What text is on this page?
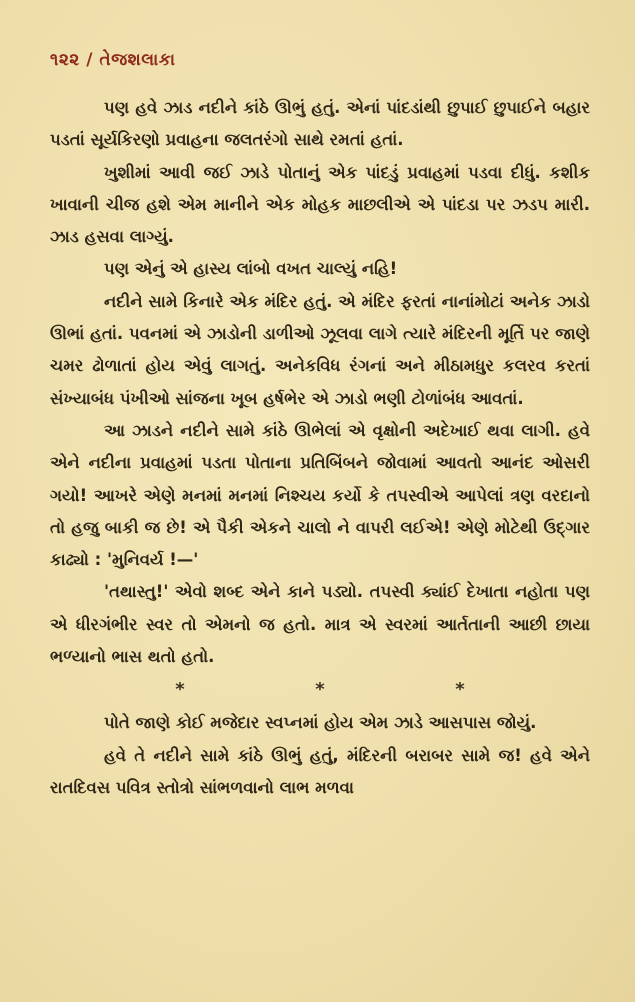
૧૨૨ / તેજશલાકા

પણ હવે ઝાડ નદીને કાંઠે ઊભું હતું. એનાં પાંદડાંથી છુપાઈ છુપાઈને બહાર પડતાં સૂર્યકિરણો પ્રવાહના જલતરંગો સાથે રમતાં હતાં.

ખુશીમાં આવી જઈ ઝાડે પોતાનું એક પાંદડું પ્રવાહમાં પડવા દીધું. કશીક ખાવાની ચીજ હશે એમ માનીને એક મોહક માછલીએ એ પાંદડા પર ઝડપ મારી. ઝાડ હસવા લાગ્યું.

પણ એનું એ હાસ્ય લાંબો વખત ચાલ્યું નહિ!

નદીને સામે કિનારે એક મંદિર હતું. એ મંદિર ફરતાં નાનાંમોટાં અનેક ઝાડો ઊભાં હતાં. પવનમાં એ ઝાડોની ડાળીઓ ઝૂલવા લાગે ત્યારે મંદિરની મૂર્તિ પર જાણે ચમર ઢોળાતાં હોય એવું લાગતું. અનેકવિધ રંગનાં અને મીઠામધુર કલરવ કરતાં સંખ્યાબંધ પંખીઓ સાંજના ખૂબ હર્ષભેર એ ઝાડો ભણી ટોળાંબંધ આવતાં.

આ ઝાડને નદીને સામે કાંઠે ઊભેલાં એ વૃક્ષોની અદેખાઈ થવા લાગી. હવે એને નદીના પ્રવાહમાં પડતા પોતાના પ્રતિબિંબને જોવામાં આવતો આનંદ ઓસરી ગયો! આખરે એણે મનમાં મનમાં નિશ્ચય કર્યો કે તપસ્વીએ આપેલાં ત્રણ વરદાનો તો હજુ બાકી જ છે! એ પૈકી એકને ચાલો ને વાપરી લઈએ! એણે મોટેથી ઉદ્ગાર કાઢ્યો : 'મુનિવર્ય !—'

'તથાસ્તુ!' એવો શબ્દ એને કાને પડ્યો. તપસ્વી ક્યાંઈ દેખાતા નહોતા પણ એ ધીરગંભીર સ્વર તો એમનો જ હતો. માત્ર એ સ્વરમાં આર્તતાની આછી છાયા ભળ્યાનો ભાસ થતો હતો.

*	*	*

પોતે જાણે કોઈ મજેદાર સ્વપ્નમાં હોય એમ ઝાડે આસપાસ જોયું.

હવે તે નદીને સામે કાંઠે ઊભું હતું, મંદિરની બરાબર સામે જ! હવે એને રાતદિવસ પવિત્ર સ્તોત્રો સાંભળવાનો લાભ મળવા
